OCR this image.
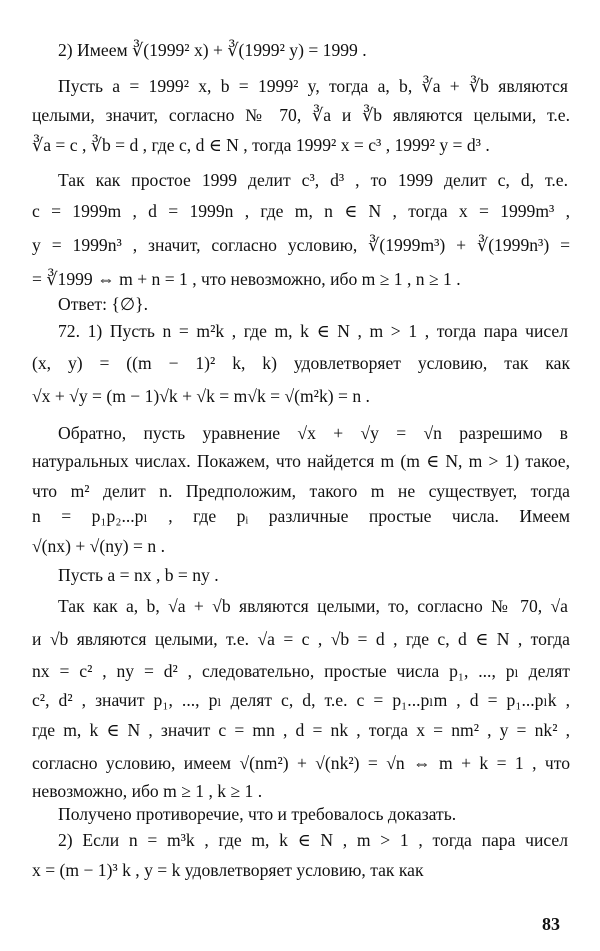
2) Имеем ∛(1999² x) + ∛(1999² y) = 1999 .
Пусть a = 1999² x, b = 1999² y, тогда a, b, ∛a + ∛b являются
целыми, значит, согласно № 70, ∛a и ∛b являются целыми, т.е.
∛a = c , ∛b = d , где c, d ∈ N , тогда 1999² x = c³ , 1999² y = d³ .
Так как простое 1999 делит c³, d³ , то 1999 делит c, d, т.е.
c = 1999m , d = 1999n , где m, n ∈ N , тогда x = 1999m³ ,
y = 1999n³ , значит, согласно условию, ∛(1999m³) + ∛(1999n³) =
= ∛1999 ⇔ m + n = 1 , что невозможно, ибо m ≥ 1 , n ≥ 1 .
Ответ: {∅}.
72. 1) Пусть n = m²k , где m, k ∈ N , m > 1 , тогда пара чисел
(x, y) = ((m − 1)² k, k) удовлетворяет условию, так как
√x + √y = (m − 1)√k + √k = m√k = √(m²k) = n .
Обратно, пусть уравнение √x + √y = √n разрешимо в
натуральных числах. Покажем, что найдется m (m ∈ N, m > 1) такое,
что m² делит n. Предположим, такого m не существует, тогда
n = p₁p₂...pₗ , где pᵢ различные простые числа. Имеем
√(nx) + √(ny) = n .
Пусть a = nx , b = ny .
Так как a, b, √a + √b являются целыми, то, согласно № 70, √a
и √b являются целыми, т.е. √a = c , √b = d , где c, d ∈ N , тогда
nx = c² , ny = d² , следовательно, простые числа p₁, ..., pₗ делят
c², d² , значит p₁, ..., pₗ делят c, d, т.е. c = p₁...pₗm , d = p₁...pₗk ,
где m, k ∈ N , значит c = mn , d = nk , тогда x = nm² , y = nk² ,
согласно условию, имеем √(nm²) + √(nk²) = √n ⇔ m + k = 1 , что
невозможно, ибо m ≥ 1 , k ≥ 1 .
Получено противоречие, что и требовалось доказать.
2) Если n = m³k , где m, k ∈ N , m > 1 , тогда пара чисел
x = (m − 1)³ k , y = k удовлетворяет условию, так как
83
